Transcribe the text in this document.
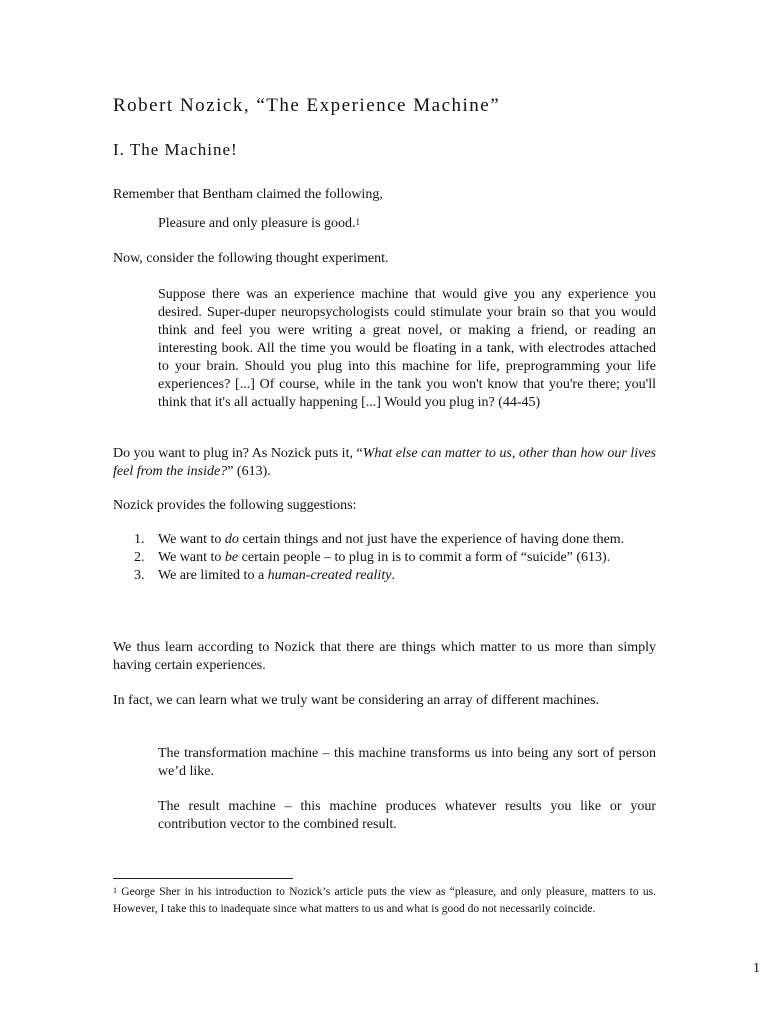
Robert Nozick, “The Experience Machine”
I. The Machine!

Remember that Bentham claimed the following,

Pleasure and only pleasure is good.$^1$

Now, consider the following thought experiment.

Suppose there was an experience machine that would give you any experience you desired. Super-duper neuropsychologists could stimulate your brain so that you would think and feel you were writing a great novel, or making a friend, or reading an interesting book. All the time you would be floating in a tank, with electrodes attached to your brain. Should you plug into this machine for life, preprogramming your life experiences? [...] Of course, while in the tank you won't know that you're there; you'll think that it's all actually happening [...] Would you plug in? (44-45)

Do you want to plug in? As Nozick puts it, “What else can matter to us, other than how our lives feel from the inside?” (613).

Nozick provides the following suggestions:

1. We want to do certain things and not just have the experience of having done them.
2. We want to be certain people – to plug in is to commit a form of “suicide” (613).
3. We are limited to a human-created reality.

We thus learn according to Nozick that there are things which matter to us more than simply having certain experiences.

In fact, we can learn what we truly want be considering an array of different machines.

The transformation machine – this machine transforms us into being any sort of person we’d like.

The result machine – this machine produces whatever results you like or your contribution vector to the combined result.

$^1$ George Sher in his introduction to Nozick’s article puts the view as “pleasure, and only pleasure, matters to us. However, I take this to inadequate since what matters to us and what is good do not necessarily coincide.

1
